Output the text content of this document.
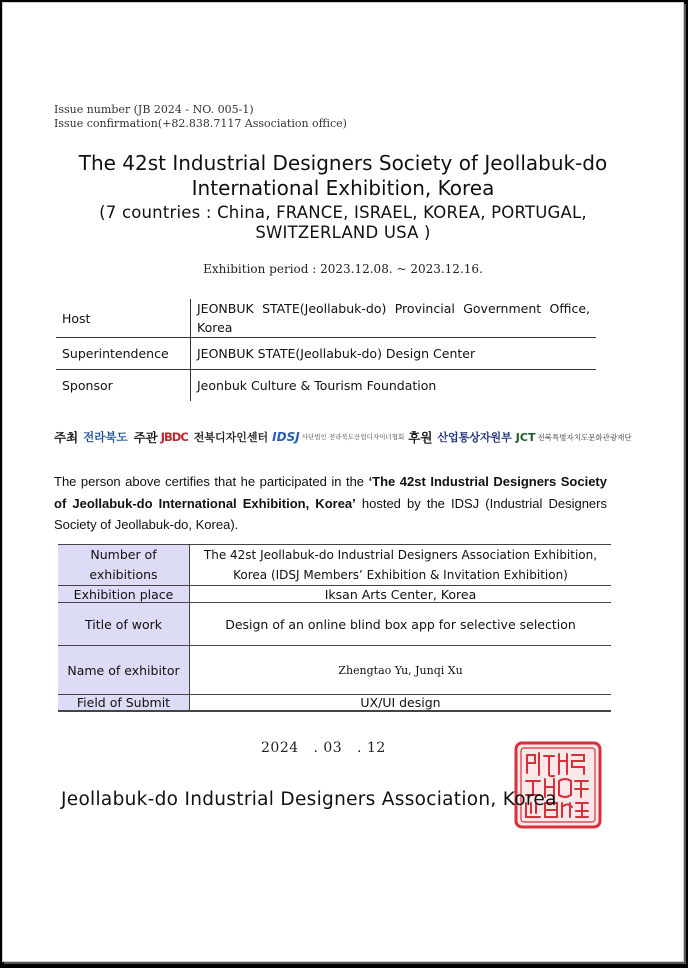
Issue number (JB 2024 - NO. 005-1)
Issue confirmation(+82.838.7117 Association office)
The 42st Industrial Designers Society of Jeollabuk-do
International Exhibition, Korea
(7 countries : China, FRANCE, ISRAEL, KOREA, PORTUGAL,
SWITZERLAND USA )
Exhibition period : 2023.12.08. ~ 2023.12.16.
Host	JEONBUK STATE(Jeollabuk-do) Provincial Government Office, Korea
Superintendence	JEONBUK STATE(Jeollabuk-do) Design Center
Sponsor	Jeonbuk Culture & Tourism Foundation
주최 전라북도 주관 JBDC 전북디자인센터 IDSJ 사단법인 전라북도산업디자이너협회 후원 산업통상자원부 JCT 전북특별자치도문화관광재단
The person above certifies that he participated in the ‘The 42st Industrial Designers Society of Jeollabuk-do International Exhibition, Korea’ hosted by the IDSJ (Industrial Designers Society of Jeollabuk-do, Korea).
Number of exhibitions	The 42st Jeollabuk-do Industrial Designers Association Exhibition, Korea (IDSJ Members’ Exhibition & Invitation Exhibition)
Exhibition place	Iksan Arts Center, Korea
Title of work	Design of an online blind box app for selective selection
Name of exhibitor	Zhengtao Yu, Junqi Xu
Field of Submit	UX/UI design
2024   . 03   . 12
Jeollabuk-do Industrial Designers Association, Korea
